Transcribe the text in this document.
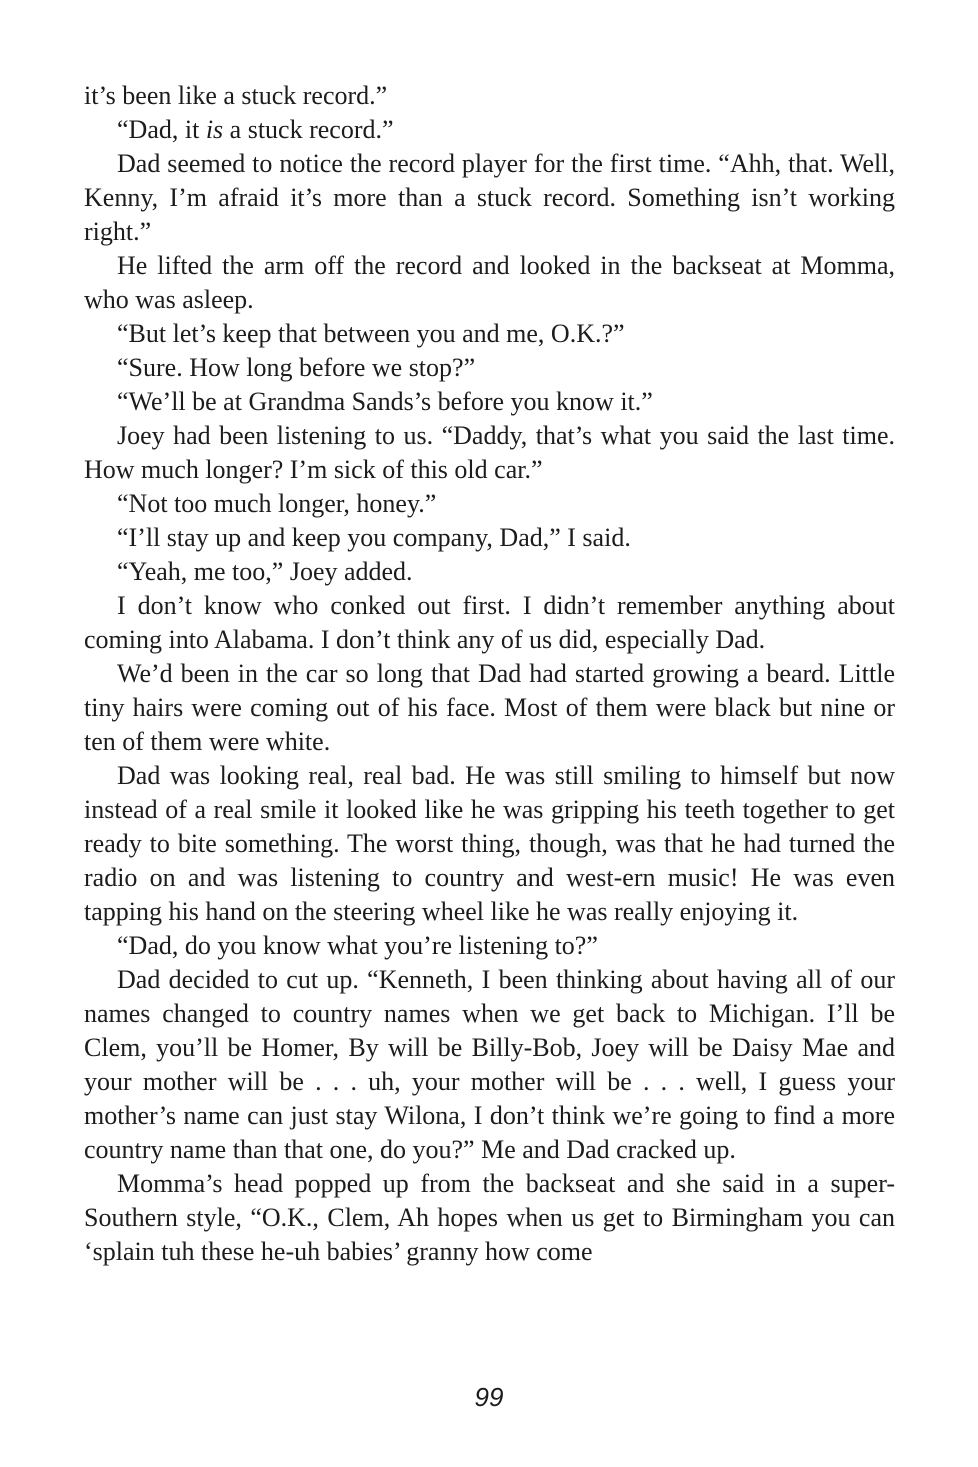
it’s been like a stuck record.”

“Dad, it is a stuck record.”

Dad seemed to notice the record player for the first time. “Ahh, that. Well, Kenny, I’m afraid it’s more than a stuck record. Something isn’t working right.”

He lifted the arm off the record and looked in the backseat at Momma, who was asleep.

“But let’s keep that between you and me, O.K.?”

“Sure. How long before we stop?”

“We’ll be at Grandma Sands’s before you know it.”

Joey had been listening to us. “Daddy, that’s what you said the last time. How much longer? I’m sick of this old car.”

“Not too much longer, honey.”

“I’ll stay up and keep you company, Dad,” I said.

“Yeah, me too,” Joey added.

I don’t know who conked out first. I didn’t remember anything about coming into Alabama. I don’t think any of us did, especially Dad.

We’d been in the car so long that Dad had started growing a beard. Little tiny hairs were coming out of his face. Most of them were black but nine or ten of them were white.

Dad was looking real, real bad. He was still smiling to himself but now instead of a real smile it looked like he was gripping his teeth together to get ready to bite something. The worst thing, though, was that he had turned the radio on and was listening to country and west-ern music! He was even tapping his hand on the steering wheel like he was really enjoying it.

“Dad, do you know what you’re listening to?”

Dad decided to cut up. “Kenneth, I been thinking about having all of our names changed to country names when we get back to Michigan. I’ll be Clem, you’ll be Homer, By will be Billy-Bob, Joey will be Daisy Mae and your mother will be . . . uh, your mother will be . . . well, I guess your mother’s name can just stay Wilona, I don’t think we’re going to find a more country name than that one, do you?” Me and Dad cracked up.

Momma’s head popped up from the backseat and she said in a super-Southern style, “O.K., Clem, Ah hopes when us get to Birmingham you can ‘splain tuh these he-uh babies’ granny how come

99
